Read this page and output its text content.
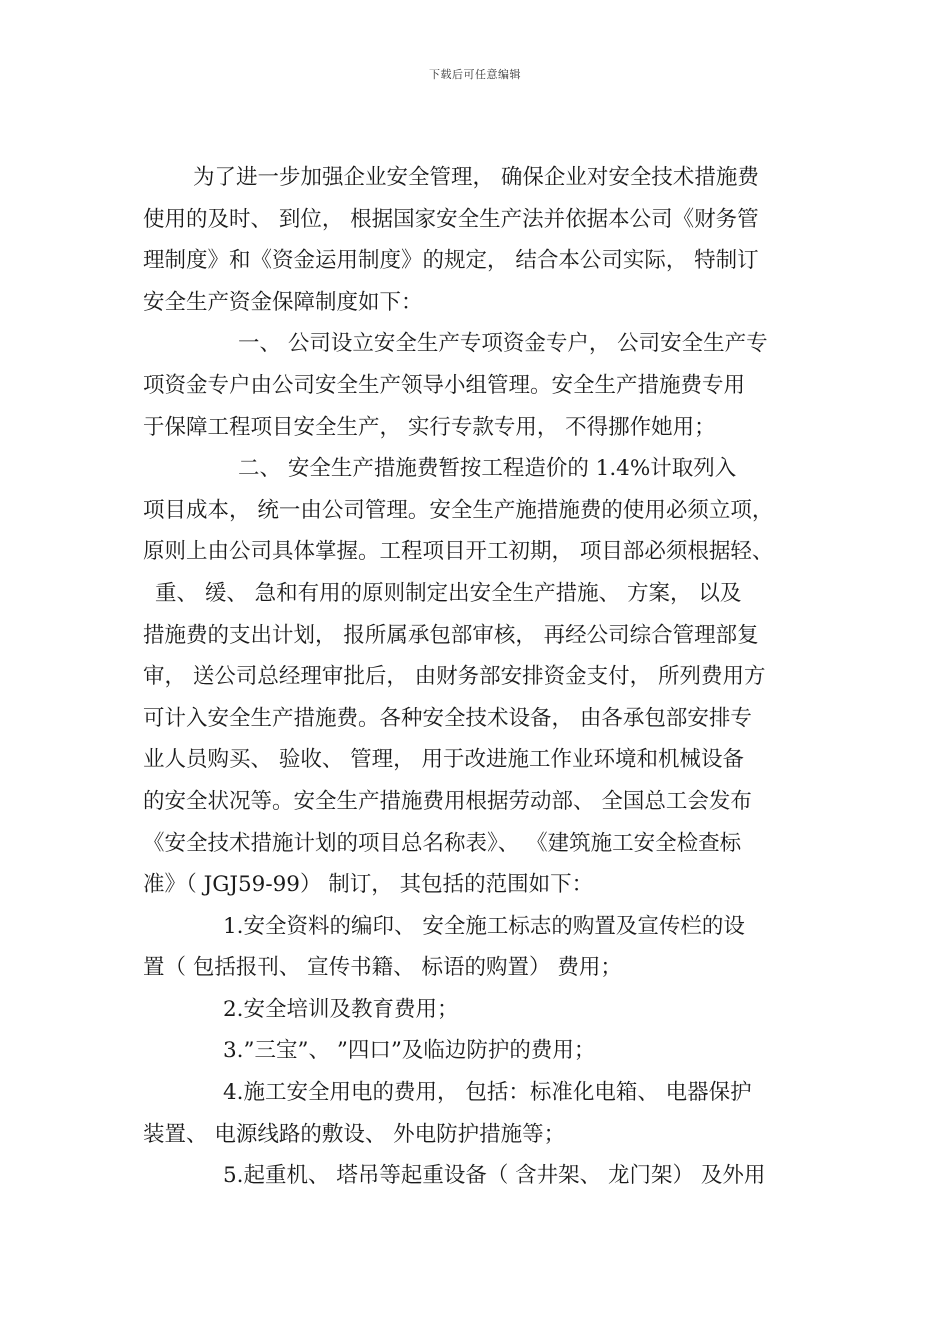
下载后可任意编辑
为了进一步加强企业安全管理， 确保企业对安全技术措施费
使用的及时、 到位， 根据国家安全生产法并依据本公司《财务管
理制度》和《资金运用制度》的规定， 结合本公司实际， 特制订
安全生产资金保障制度如下：
一、 公司设立安全生产专项资金专户， 公司安全生产专
项资金专户由公司安全生产领导小组管理。安全生产措施费专用
于保障工程项目安全生产， 实行专款专用， 不得挪作她用；
二、 安全生产措施费暂按工程造价的 1.4%计取列入
项目成本， 统一由公司管理。安全生产施措施费的使用必须立项，
原则上由公司具体掌握。工程项目开工初期， 项目部必须根据轻、
重、 缓、 急和有用的原则制定出安全生产措施、 方案， 以及
措施费的支出计划， 报所属承包部审核， 再经公司综合管理部复
审， 送公司总经理审批后， 由财务部安排资金支付， 所列费用方
可计入安全生产措施费。各种安全技术设备， 由各承包部安排专
业人员购买、 验收、 管理， 用于改进施工作业环境和机械设备
的安全状况等。安全生产措施费用根据劳动部、 全国总工会发布
《安全技术措施计划的项目总名称表》、 《建筑施工安全检查标
准》（ JGJ59-99） 制订， 其包括的范围如下：
1.安全资料的编印、 安全施工标志的购置及宣传栏的设
置（ 包括报刊、 宣传书籍、 标语的购置） 费用；
2.安全培训及教育费用；
3.”三宝”、 ”四口”及临边防护的费用；
4.施工安全用电的费用， 包括：标准化电箱、 电器保护
装置、 电源线路的敷设、 外电防护措施等；
5.起重机、 塔吊等起重设备（ 含井架、 龙门架） 及外用
